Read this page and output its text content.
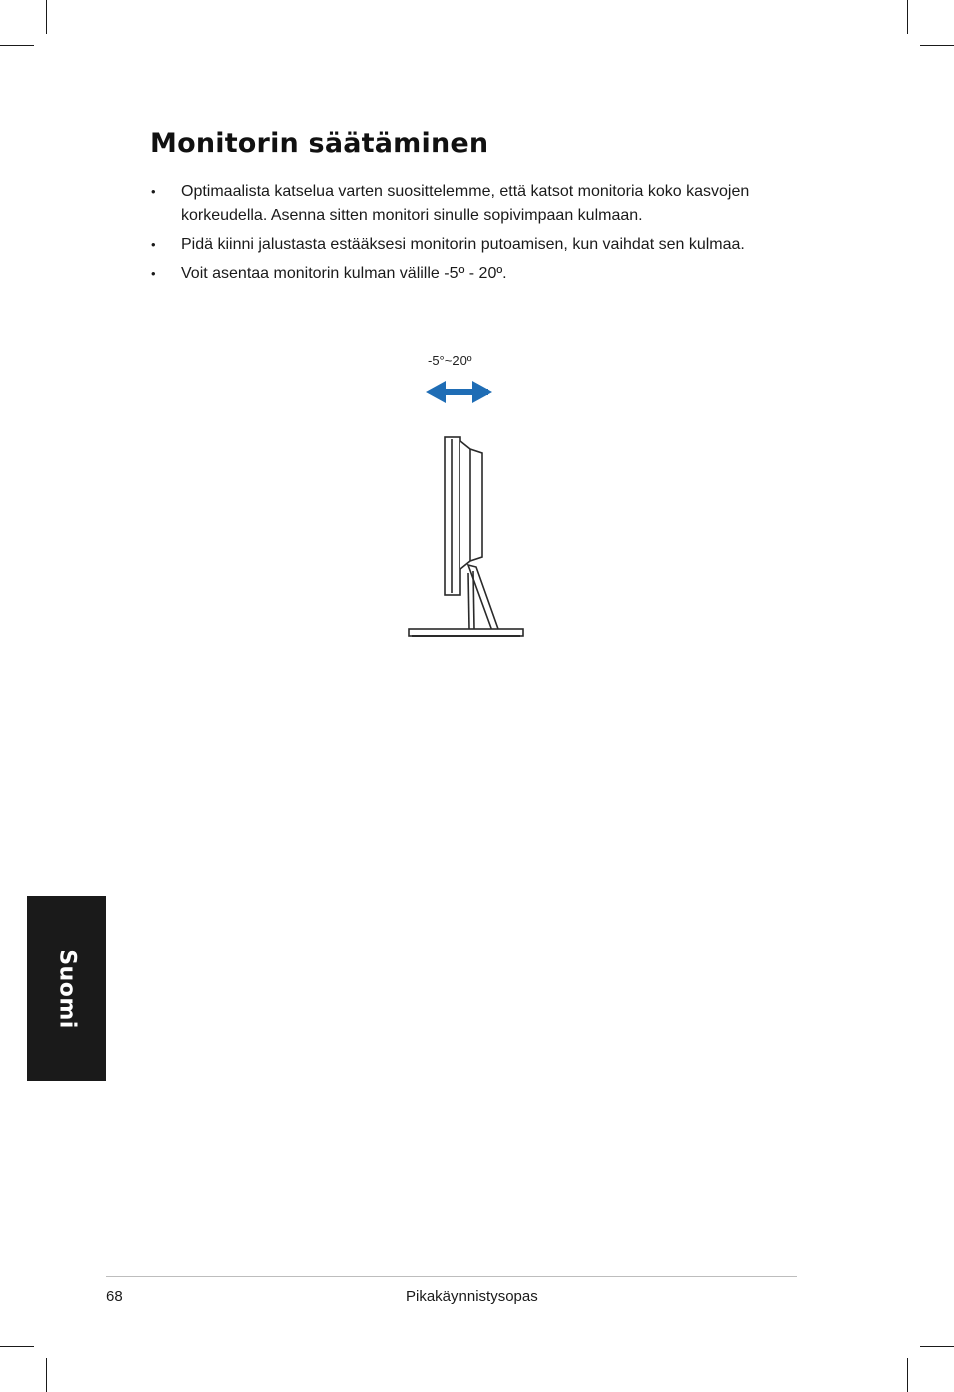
Monitorin säätäminen
• Optimaalista katselua varten suosittelemme, että katsot monitoria koko kasvojen korkeudella. Asenna sitten monitori sinulle sopivimpaan kulmaan.
• Pidä kiinni jalustasta estääksesi monitorin putoamisen, kun vaihdat sen kulmaa.
• Voit asentaa monitorin kulman välille -5º - 20º.
-5°~20º
Suomi
68	Pikakäynnistysopas
